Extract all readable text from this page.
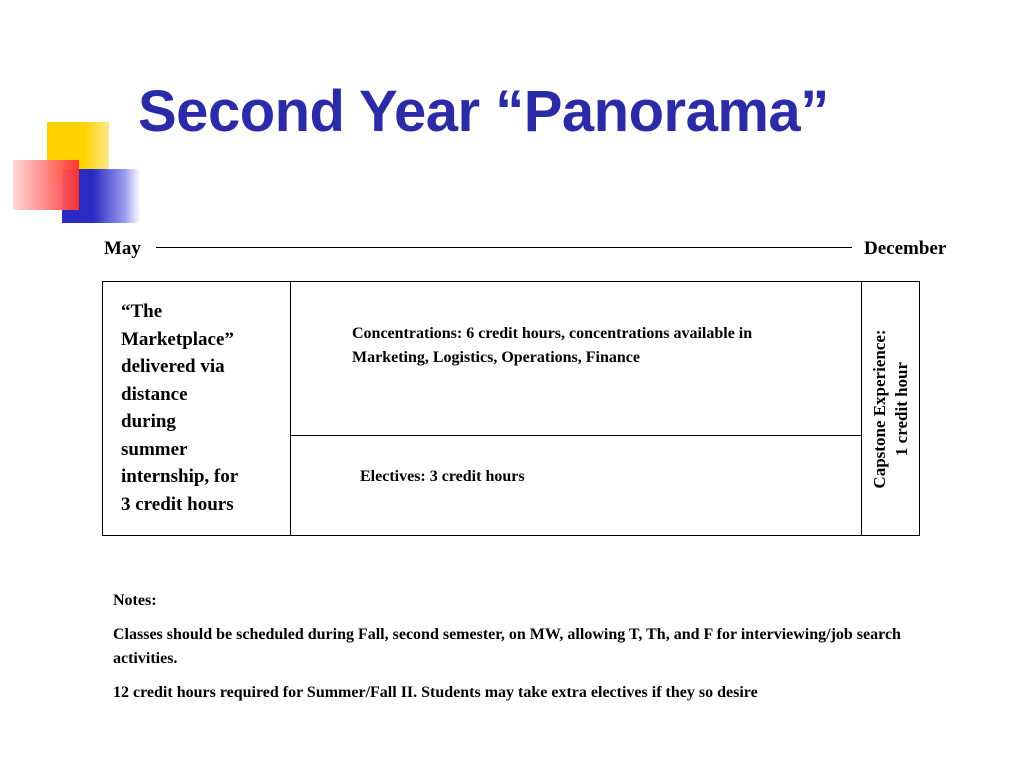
Second Year “Panorama”
May	December
“The
Marketplace”
delivered via
distance
during
summer
internship, for
3 credit hours
Concentrations: 6 credit hours, concentrations available in
Marketing, Logistics, Operations, Finance
Electives: 3 credit hours	Capstone Experience: 1 credit hour

Notes:

Classes should be scheduled during Fall, second semester, on MW, allowing T, Th, and F for interviewing/job search activities.

12 credit hours required for Summer/Fall II. Students may take extra electives if they so desire
